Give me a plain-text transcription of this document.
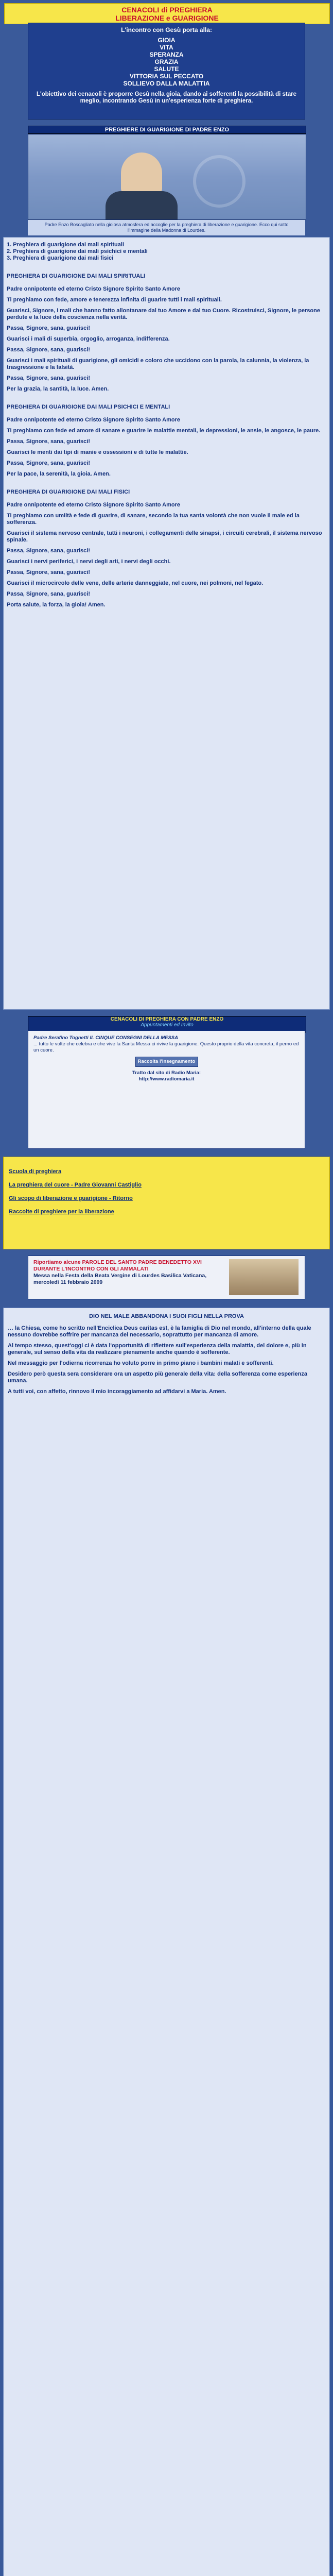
CENACOLI di PREGHIERA
LIBERAZIONE e GUARIGIONE
L'incontro con Gesù porta alla:
GIOIA
VITA
SPERANZA
GRAZIA
SALUTE
VITTORIA SUL PECCATO
SOLLIEVO DALLA MALATTIA
L'obiettivo dei cenacoli è proporre Gesù nella gioia, dando ai sofferenti la possibilità di stare meglio, incontrando Gesù in un'esperienza forte di preghiera.
PREGHIERE DI GUARIGIONE DI PADRE ENZO
Padre Enzo Boscagliato nella gioiosa atmosfera ed accoglie per la preghiera di liberazione e guarigione. Ecco qui sotto l'immagine della Madonna di Lourdes.
1. Preghiera di guarigione dai mali spirituali
2. Preghiera di guarigione dai mali psichici e mentali
3. Preghiera di guarigione dai mali fisici
PREGHIERA DI GUARIGIONE DAI MALI SPIRITUALI

Padre onnipotente ed eterno Cristo Signore Spirito Santo Amore

Ti preghiamo con fede, amore e tenerezza infinita di guarire tutti i mali spirituali.

Guarisci, Signore, i mali che hanno fatto allontanare dal tuo Amore e dal tuo Cuore. Ricostruisci, Signore, le persone perdute e la luce della coscienza nella verità.

Passa, Signore, sana, guarisci!

Guarisci i mali di superbia, orgoglio, arroganza, indifferenza.

Passa, Signore, sana, guarisci!

Guarisci i mali spirituali di guarigione, gli omicidi e coloro che uccidono con la parola, la calunnia, la violenza, la trasgressione e la falsità.

Passa, Signore, sana, guarisci!

Per la grazia, la santità, la luce. Amen.

PREGHIERA DI GUARIGIONE DAI MALI PSICHICI E MENTALI

Padre onnipotente ed eterno Cristo Signore Spirito Santo Amore

Ti preghiamo con fede ed amore di sanare e guarire le malattie mentali, le depressioni, le ansie, le angosce, le paure.

Passa, Signore, sana, guarisci!

Guarisci le menti dai tipi di manie e ossessioni e di tutte le malattie.

Passa, Signore, sana, guarisci!

Per la pace, la serenità, la gioia. Amen.

PREGHIERA DI GUARIGIONE DAI MALI FISICI

Padre onnipotente ed eterno Cristo Signore Spirito Santo Amore

Ti preghiamo con umiltà e fede di guarire, di sanare, secondo la tua santa volontà che non vuole il male ed la sofferenza.

Guarisci il sistema nervoso centrale, tutti i neuroni, i collegamenti delle sinapsi, i circuiti cerebrali, il sistema nervoso spinale.

Passa, Signore, sana, guarisci!

Guarisci i nervi periferici, i nervi degli arti, i nervi degli occhi.

Passa, Signore, sana, guarisci!

Guarisci il microcircolo delle vene, delle arterie danneggiate, nel cuore, nei polmoni, nel fegato.

Passa, Signore, sana, guarisci!

Porta salute, la forza, la gioia! Amen.

CENACOLI DI PREGHIERA CON PADRE ENZO
Appuntamenti ed Invito
Padre Serafino Tognetti IL CINQUE CONSEGNI DELLA MESSA
... tutto le volte che celebra e che vive la Santa Messa ci rivive la guarigione. Questo proprio della vita concreta, il perno ed un cuore.
Raccolta l'insegnamento
Tratto dal sito di Radio Maria:
http://www.radiomaria.it
Scuola di preghiera
La preghiera del cuore - Padre Giovanni Castiglio
Gli scopo di liberazione e guarigione - Ritorno
Raccolte di preghiere per la liberazione
Riportiamo alcune PAROLE DEL SANTO PADRE BENEDETTO XVI DURANTE L'INCONTRO CON GLI AMMALATI
Messa nella Festa della Beata Vergine di Lourdes Basilica Vaticana, mercoledì 11 febbraio 2009
DIO NEL MALE ABBANDONA I SUOI FIGLI NELLA PROVA

… la Chiesa, come ho scritto nell'Enciclica Deus caritas est, è la famiglia di Dio nel mondo, all'interno della quale nessuno dovrebbe soffrire per mancanza del necessario, soprattutto per mancanza di amore.

Al tempo stesso, quest'oggi ci è data l'opportunità di riflettere sull'esperienza della malattia, del dolore e, più in generale, sul senso della vita da realizzare pienamente anche quando è sofferente.

Nel messaggio per l'odierna ricorrenza ho voluto porre in primo piano i bambini malati e sofferenti.

Desidero però questa sera considerare ora un aspetto più generale della vita: della sofferenza come esperienza umana.

A tutti voi, con affetto, rinnovo il mio incoraggiamento ad affidarvi a Maria. Amen.
